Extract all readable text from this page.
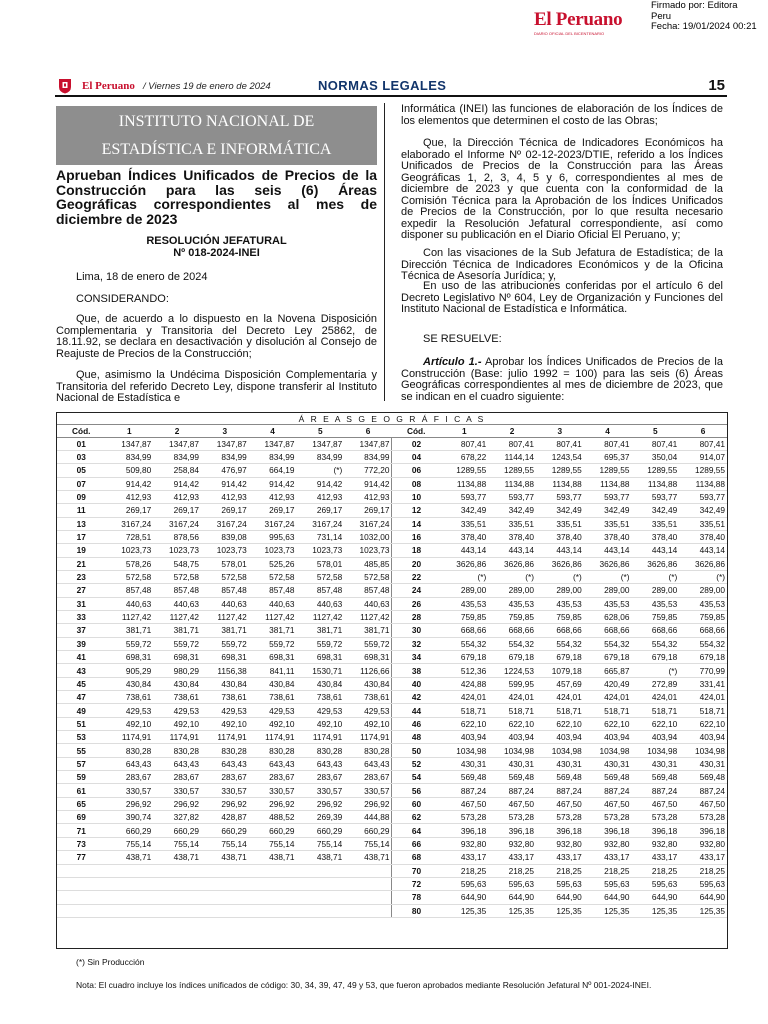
El Peruano
DIARIO OFICIAL DEL BICENTENARIO
Firmado por: Editora
Peru
Fecha: 19/01/2024 00:21
El Peruano / Viernes 19 de enero de 2024	NORMAS LEGALES	15
INSTITUTO NACIONAL DE
ESTADÍSTICA E INFORMÁTICA
Aprueban Índices Unificados de Precios de la Construcción para las seis (6) Áreas Geográficas correspondientes al mes de diciembre de 2023
RESOLUCIÓN JEFATURAL
Nº 018-2024-INEI
Lima, 18 de enero de 2024
CONSIDERANDO:
Que, de acuerdo a lo dispuesto en la Novena Disposición Complementaria y Transitoria del Decreto Ley 25862, de 18.11.92, se declara en desactivación y disolución al Consejo de Reajuste de Precios de la Construcción;
Que, asimismo la Undécima Disposición Complementaria y Transitoria del referido Decreto Ley, dispone transferir al Instituto Nacional de Estadística e
Informática (INEI) las funciones de elaboración de los Índices de los elementos que determinen el costo de las Obras;
Que, la Dirección Técnica de Indicadores Económicos ha elaborado el Informe Nº 02-12-2023/DTIE, referido a los Índices Unificados de Precios de la Construcción para las Áreas Geográficas 1, 2, 3, 4, 5 y 6, correspondientes al mes de diciembre de 2023 y que cuenta con la conformidad de la Comisión Técnica para la Aprobación de los Índices Unificados de Precios de la Construcción, por lo que resulta necesario expedir la Resolución Jefatural correspondiente, así como disponer su publicación en el Diario Oficial El Peruano, y;
Con las visaciones de la Sub Jefatura de Estadística; de la Dirección Técnica de Indicadores Económicos y de la Oficina Técnica de Asesoría Jurídica; y,
En uso de las atribuciones conferidas por el artículo 6 del Decreto Legislativo Nº 604, Ley de Organización y Funciones del Instituto Nacional de Estadística e Informática.
SE RESUELVE:
Artículo 1.- Aprobar los Índices Unificados de Precios de la Construcción (Base: julio 1992 = 100) para las seis (6) Áreas Geográficas correspondientes al mes de diciembre de 2023, que se indican en el cuadro siguiente:
Á R E A S G E O G R Á F I C A S
Cód.	1	2	3	4	5	6	Cód.	1	2	3	4	5	6
01	1347,87	1347,87	1347,87	1347,87	1347,87	1347,87	02	807,41	807,41	807,41	807,41	807,41	807,41
03	834,99	834,99	834,99	834,99	834,99	834,99	04	678,22	1144,14	1243,54	695,37	350,04	914,07
05	509,80	258,84	476,97	664,19	(*)	772,20	06	1289,55	1289,55	1289,55	1289,55	1289,55	1289,55
07	914,42	914,42	914,42	914,42	914,42	914,42	08	1134,88	1134,88	1134,88	1134,88	1134,88	1134,88
09	412,93	412,93	412,93	412,93	412,93	412,93	10	593,77	593,77	593,77	593,77	593,77	593,77
11	269,17	269,17	269,17	269,17	269,17	269,17	12	342,49	342,49	342,49	342,49	342,49	342,49
13	3167,24	3167,24	3167,24	3167,24	3167,24	3167,24	14	335,51	335,51	335,51	335,51	335,51	335,51
17	728,51	878,56	839,08	995,63	731,14	1032,00	16	378,40	378,40	378,40	378,40	378,40	378,40
19	1023,73	1023,73	1023,73	1023,73	1023,73	1023,73	18	443,14	443,14	443,14	443,14	443,14	443,14
21	578,26	548,75	578,01	525,26	578,01	485,85	20	3626,86	3626,86	3626,86	3626,86	3626,86	3626,86
23	572,58	572,58	572,58	572,58	572,58	572,58	22	(*)	(*)	(*)	(*)	(*)	(*)
27	857,48	857,48	857,48	857,48	857,48	857,48	24	289,00	289,00	289,00	289,00	289,00	289,00
31	440,63	440,63	440,63	440,63	440,63	440,63	26	435,53	435,53	435,53	435,53	435,53	435,53
33	1127,42	1127,42	1127,42	1127,42	1127,42	1127,42	28	759,85	759,85	759,85	628,06	759,85	759,85
37	381,71	381,71	381,71	381,71	381,71	381,71	30	668,66	668,66	668,66	668,66	668,66	668,66
39	559,72	559,72	559,72	559,72	559,72	559,72	32	554,32	554,32	554,32	554,32	554,32	554,32
41	698,31	698,31	698,31	698,31	698,31	698,31	34	679,18	679,18	679,18	679,18	679,18	679,18
43	905,29	980,29	1156,38	841,11	1530,71	1126,66	38	512,36	1224,53	1079,18	665,87	(*)	770,99
45	430,84	430,84	430,84	430,84	430,84	430,84	40	424,88	599,95	457,69	420,49	272,89	331,41
47	738,61	738,61	738,61	738,61	738,61	738,61	42	424,01	424,01	424,01	424,01	424,01	424,01
49	429,53	429,53	429,53	429,53	429,53	429,53	44	518,71	518,71	518,71	518,71	518,71	518,71
51	492,10	492,10	492,10	492,10	492,10	492,10	46	622,10	622,10	622,10	622,10	622,10	622,10
53	1174,91	1174,91	1174,91	1174,91	1174,91	1174,91	48	403,94	403,94	403,94	403,94	403,94	403,94
55	830,28	830,28	830,28	830,28	830,28	830,28	50	1034,98	1034,98	1034,98	1034,98	1034,98	1034,98
57	643,43	643,43	643,43	643,43	643,43	643,43	52	430,31	430,31	430,31	430,31	430,31	430,31
59	283,67	283,67	283,67	283,67	283,67	283,67	54	569,48	569,48	569,48	569,48	569,48	569,48
61	330,57	330,57	330,57	330,57	330,57	330,57	56	887,24	887,24	887,24	887,24	887,24	887,24
65	296,92	296,92	296,92	296,92	296,92	296,92	60	467,50	467,50	467,50	467,50	467,50	467,50
69	390,74	327,82	428,87	488,52	269,39	444,88	62	573,28	573,28	573,28	573,28	573,28	573,28
71	660,29	660,29	660,29	660,29	660,29	660,29	64	396,18	396,18	396,18	396,18	396,18	396,18
73	755,14	755,14	755,14	755,14	755,14	755,14	66	932,80	932,80	932,80	932,80	932,80	932,80
77	438,71	438,71	438,71	438,71	438,71	438,71	68	433,17	433,17	433,17	433,17	433,17	433,17
							70	218,25	218,25	218,25	218,25	218,25	218,25
							72	595,63	595,63	595,63	595,63	595,63	595,63
							78	644,90	644,90	644,90	644,90	644,90	644,90
							80	125,35	125,35	125,35	125,35	125,35	125,35
(*) Sin Producción
Nota: El cuadro incluye los índices unificados de código: 30, 34, 39, 47, 49 y 53, que fueron aprobados mediante Resolución Jefatural Nº 001-2024-INEI.
